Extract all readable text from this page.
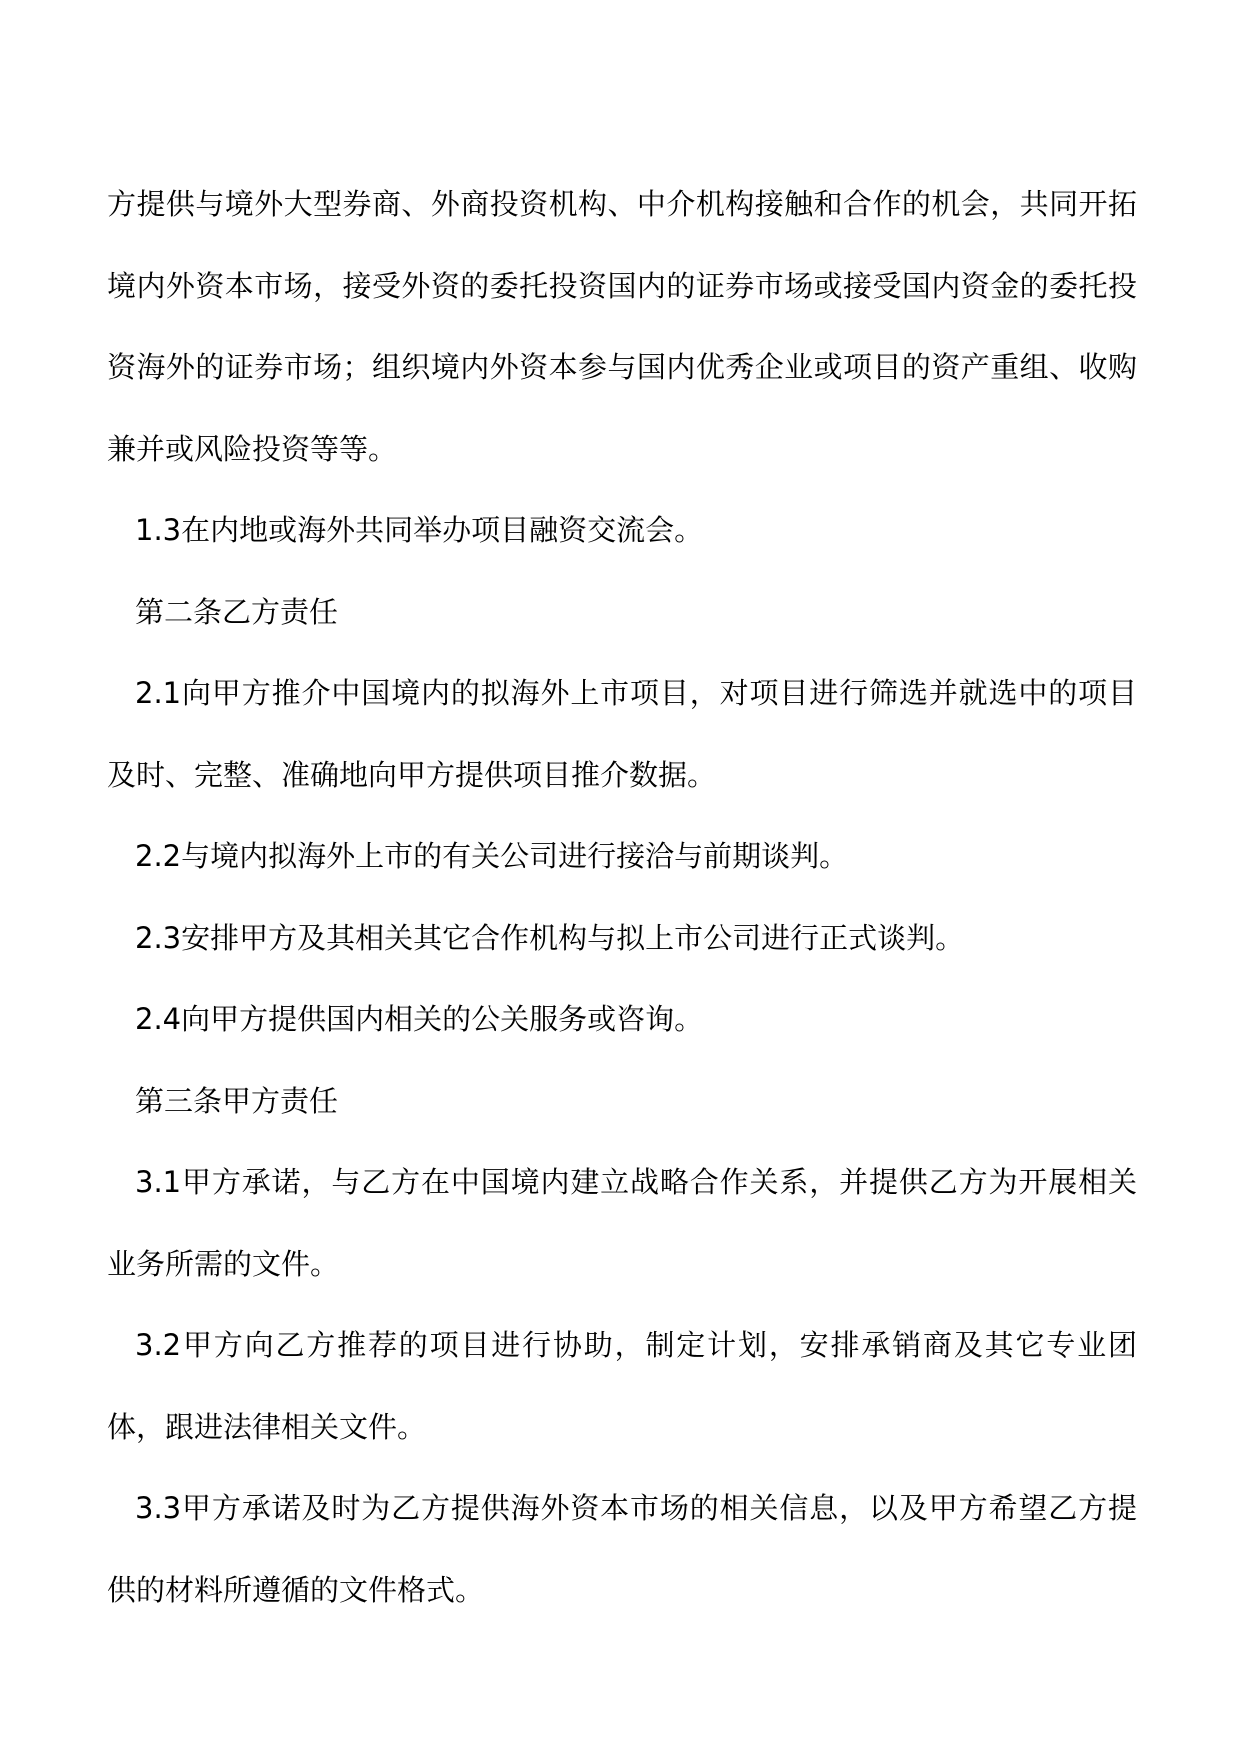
方提供与境外大型券商、外商投资机构、中介机构接触和合作的机会，共同开拓境内外资本市场，接受外资的委托投资国内的证券市场或接受国内资金的委托投资海外的证券市场；组织境内外资本参与国内优秀企业或项目的资产重组、收购兼并或风险投资等等。

1.3在内地或海外共同举办项目融资交流会。

第二条乙方责任

2.1向甲方推介中国境内的拟海外上市项目，对项目进行筛选并就选中的项目及时、完整、准确地向甲方提供项目推介数据。

2.2与境内拟海外上市的有关公司进行接洽与前期谈判。

2.3安排甲方及其相关其它合作机构与拟上市公司进行正式谈判。

2.4向甲方提供国内相关的公关服务或咨询。

第三条甲方责任

3.1甲方承诺，与乙方在中国境内建立战略合作关系，并提供乙方为开展相关业务所需的文件。

3.2甲方向乙方推荐的项目进行协助，制定计划，安排承销商及其它专业团体，跟进法律相关文件。

3.3甲方承诺及时为乙方提供海外资本市场的相关信息，以及甲方希望乙方提供的材料所遵循的文件格式。
